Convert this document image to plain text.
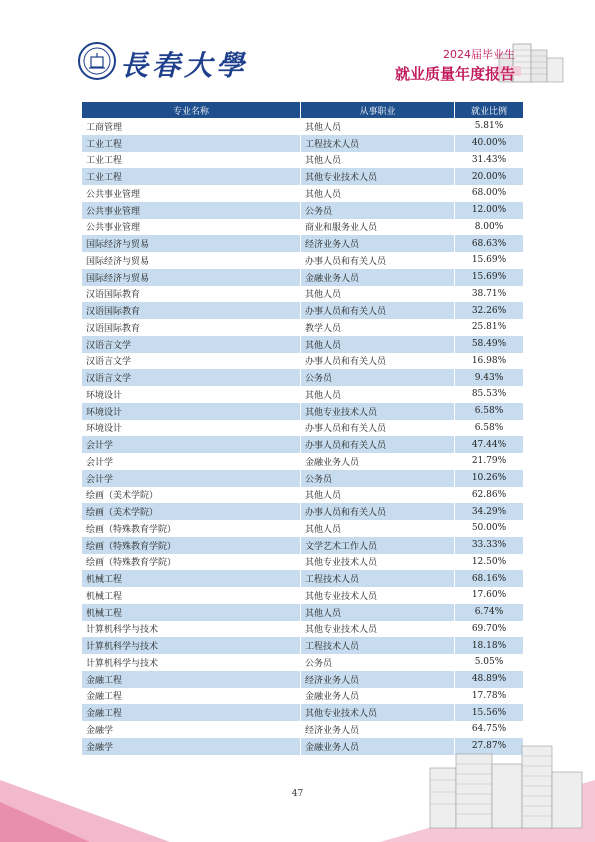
長春大學	2024届毕业生
就业质量年度报告
专业名称	从事职业	就业比例
工商管理	其他人员	5.81%
工业工程	工程技术人员	40.00%
工业工程	其他人员	31.43%
工业工程	其他专业技术人员	20.00%
公共事业管理	其他人员	68.00%
公共事业管理	公务员	12.00%
公共事业管理	商业和服务业人员	8.00%
国际经济与贸易	经济业务人员	68.63%
国际经济与贸易	办事人员和有关人员	15.69%
国际经济与贸易	金融业务人员	15.69%
汉语国际教育	其他人员	38.71%
汉语国际教育	办事人员和有关人员	32.26%
汉语国际教育	教学人员	25.81%
汉语言文学	其他人员	58.49%
汉语言文学	办事人员和有关人员	16.98%
汉语言文学	公务员	9.43%
环境设计	其他人员	85.53%
环境设计	其他专业技术人员	6.58%
环境设计	办事人员和有关人员	6.58%
会计学	办事人员和有关人员	47.44%
会计学	金融业务人员	21.79%
会计学	公务员	10.26%
绘画（美术学院）	其他人员	62.86%
绘画（美术学院）	办事人员和有关人员	34.29%
绘画（特殊教育学院）	其他人员	50.00%
绘画（特殊教育学院）	文学艺术工作人员	33.33%
绘画（特殊教育学院）	其他专业技术人员	12.50%
机械工程	工程技术人员	68.16%
机械工程	其他专业技术人员	17.60%
机械工程	其他人员	6.74%
计算机科学与技术	其他专业技术人员	69.70%
计算机科学与技术	工程技术人员	18.18%
计算机科学与技术	公务员	5.05%
金融工程	经济业务人员	48.89%
金融工程	金融业务人员	17.78%
金融工程	其他专业技术人员	15.56%
金融学	经济业务人员	64.75%
金融学	金融业务人员	27.87%
47
